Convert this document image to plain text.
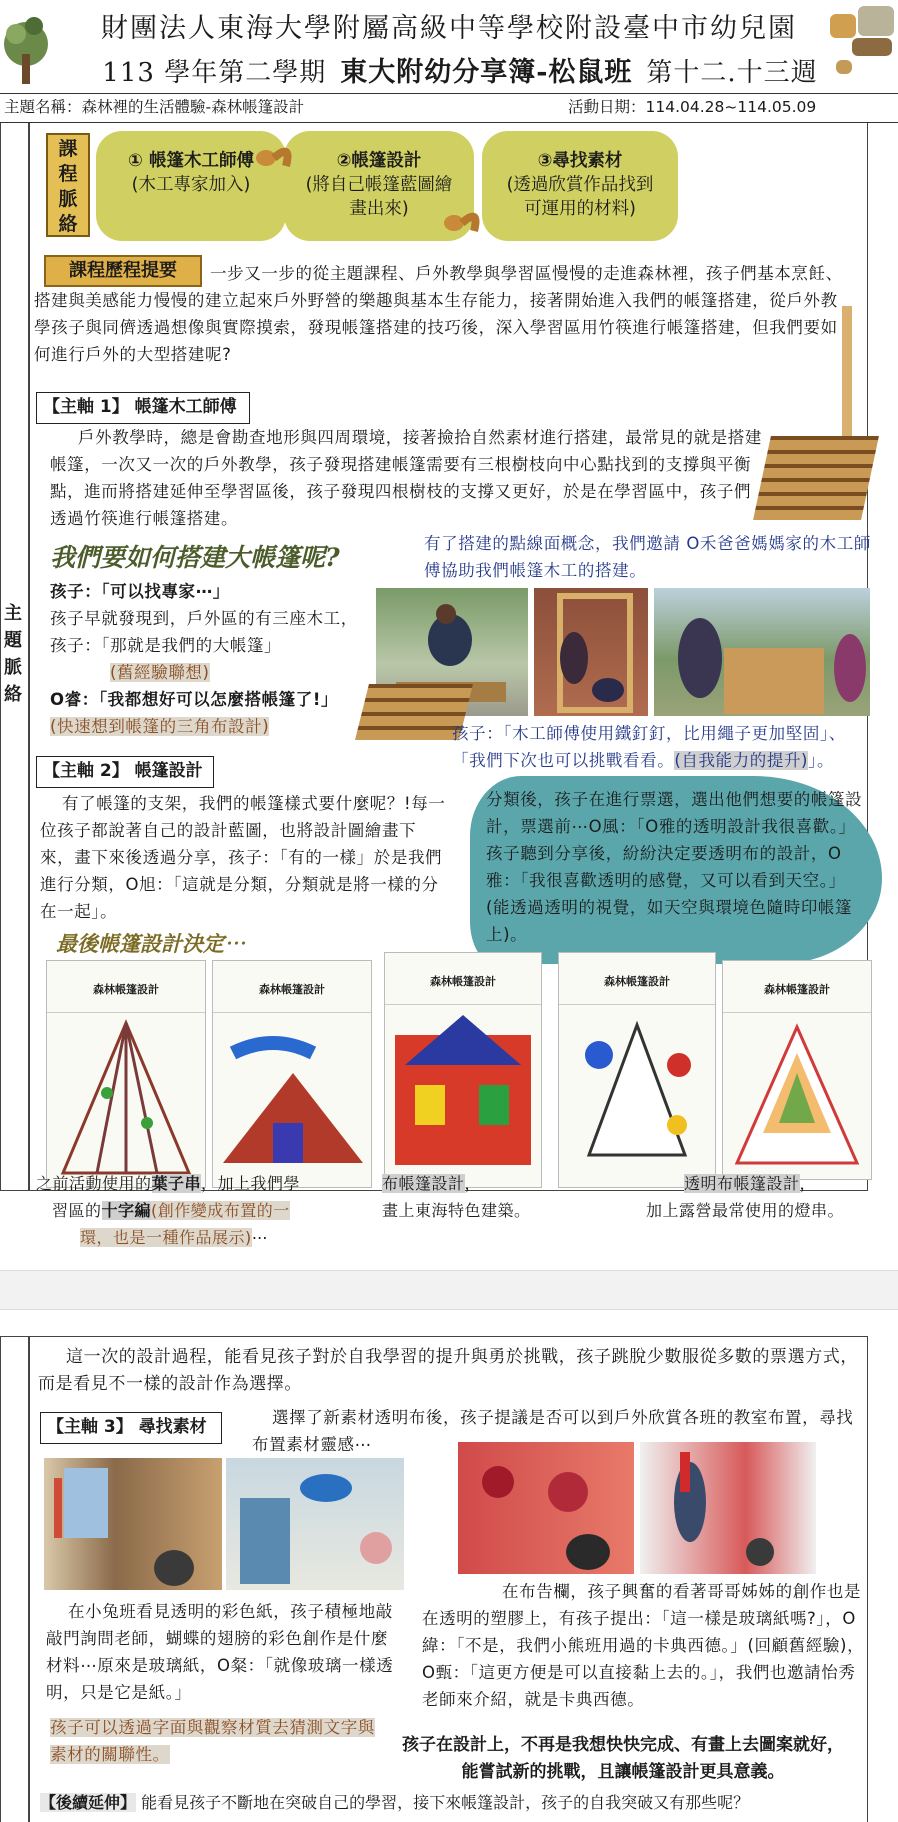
財團法人東海大學附屬高級中等學校附設臺中市幼兒園
113 學年第二學期 東大附幼分享簿-松鼠班 第十二.十三週
主題名稱：森林裡的生活體驗-森林帳篷設計	活動日期：114.04.28~114.05.09
主
題
脈
絡
課
程
脈
絡
① 帳篷木工師傅
(木工專家加入)
②帳篷設計
(將自己帳篷藍圖繪畫出來)
③尋找素材
(透過欣賞作品找到可運用的材料)
課程歷程提要	一步又一步的從主題課程、戶外教學與學習區慢慢的走進森林裡，孩子們基本烹飪、搭建與美感能力慢慢的建立起來戶外野營的樂趣與基本生存能力，接著開始進入我們的帳篷搭建，從戶外教學孩子與同儕透過想像與實際摸索，發現帳篷搭建的技巧後，深入學習區用竹筷進行帳篷搭建，但我們要如何進行戶外的大型搭建呢?
【主軸 1】 帳篷木工師傅
戶外教學時，總是會勘查地形與四周環境，接著撿拾自然素材進行搭建，最常見的就是搭建帳篷，一次又一次的戶外教學，孩子發現搭建帳篷需要有三根樹枝向中心點找到的支撐與平衡點，進而將搭建延伸至學習區後，孩子發現四根樹枝的支撐又更好，於是在學習區中，孩子們透過竹筷進行帳篷搭建。
我們要如何搭建大帳篷呢?	有了搭建的點線面概念，我們邀請 O禾爸爸媽媽家的木工師傅協助我們帳篷木工的搭建。
孩子：「可以找專家⋯」
孩子早就發現到，戶外區的有三座木工，
孩子：「那就是我們的大帳篷」
(舊經驗聯想)
O睿：「我都想好可以怎麼搭帳篷了!」
(快速想到帳篷的三角布設計)	孩子：「木工師傅使用鐵釘釘，比用繩子更加堅固」、
「我們下次也可以挑戰看看。(自我能力的提升)」。
【主軸 2】 帳篷設計
有了帳篷的支架，我們的帳篷樣式要什麼呢？!每一位孩子都說著自己的設計藍圖，也將設計圖繪畫下來，畫下來後透過分享，孩子：「有的一樣」於是我們進行分類，O旭：「這就是分類，分類就是將一樣的分在一起」。
分類後，孩子在進行票選，選出他們想要的帳篷設計，票選前⋯O風：「O雅的透明設計我很喜歡。」孩子聽到分享後，紛紛決定要透明布的設計，O雅：「我很喜歡透明的感覺，又可以看到天空。」(能透過透明的視覺，如天空與環境色隨時印帳篷上)。
最後帳篷設計決定⋯
森林帳篷設計	森林帳篷設計
森林帳篷設計	森林帳篷設計
森林帳篷設計
之前活動使用的葉子串，加上我們學
習區的十字編(創作變成布置的一
環，也是一種作品展示)⋯
布帳篷設計，
畫上東海特色建築。
透明布帳篷設計，
加上露營最常使用的燈串。
這一次的設計過程，能看見孩子對於自我學習的提升與勇於挑戰，孩子跳脫少數服從多數的票選方式，而是看見不一樣的設計作為選擇。
【主軸 3】 尋找素材	選擇了新素材透明布後，孩子提議是否可以到戶外欣賞各班的教室布置，尋找布置素材靈感⋯
在小兔班看見透明的彩色紙，孩子積極地敲敲門詢問老師，蝴蝶的翅膀的彩色創作是什麼材料⋯原來是玻璃紙，O粲：「就像玻璃一樣透明，只是它是紙。」
孩子可以透過字面與觀察材質去猜測文字與素材的關聯性。
在布告欄，孩子興奮的看著哥哥姊姊的創作也是在透明的塑膠上，有孩子提出：「這一樣是玻璃紙嗎?」，O緯：「不是，我們小熊班用過的卡典西德。」(回顧舊經驗)，O甄：「這更方便是可以直接黏上去的。」，我們也邀請怡秀老師來介紹，就是卡典西德。
孩子在設計上，不再是我想快快完成、有畫上去圖案就好，能嘗試新的挑戰，且讓帳篷設計更具意義。
【後續延伸】 能看見孩子不斷地在突破自己的學習，接下來帳篷設計，孩子的自我突破又有那些呢？
